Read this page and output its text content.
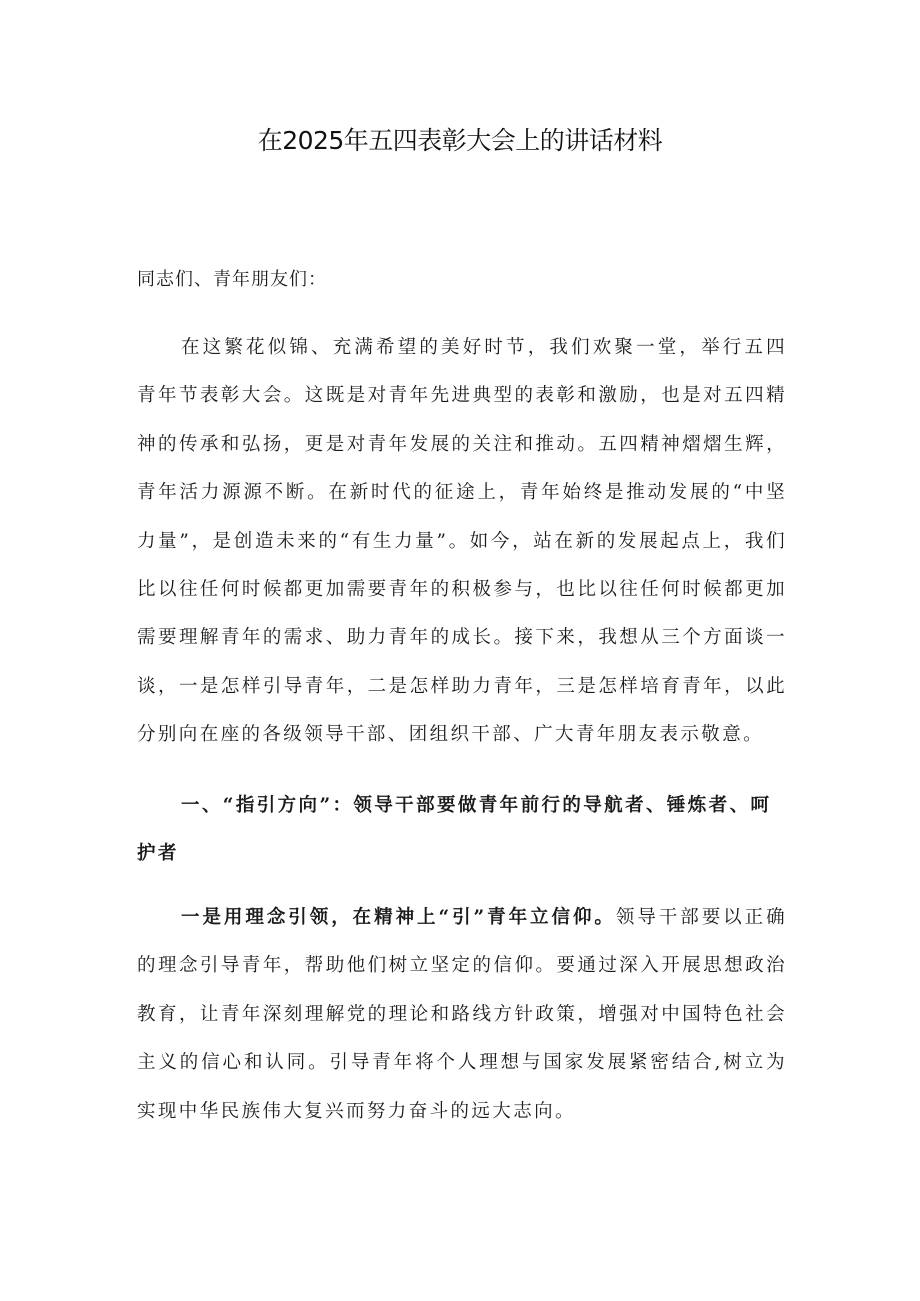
在2025年五四表彰大会上的讲话材料
同志们、青年朋友们：

在这繁花似锦、充满希望的美好时节，我们欢聚一堂，举行五四青年节表彰大会。这既是对青年先进典型的表彰和激励，也是对五四精神的传承和弘扬，更是对青年发展的关注和推动。五四精神熠熠生辉，青年活力源源不断。在新时代的征途上，青年始终是推动发展的“中坚力量”，是创造未来的“有生力量”。如今，站在新的发展起点上，我们比以往任何时候都更加需要青年的积极参与，也比以往任何时候都更加需要理解青年的需求、助力青年的成长。接下来，我想从三个方面谈一谈，一是怎样引导青年，二是怎样助力青年，三是怎样培育青年，以此分别向在座的各级领导干部、团组织干部、广大青年朋友表示敬意。

一、“指引方向”：领导干部要做青年前行的导航者、锤炼者、呵护者

一是用理念引领，在精神上“引”青年立信仰。领导干部要以正确的理念引导青年，帮助他们树立坚定的信仰。要通过深入开展思想政治教育，让青年深刻理解党的理论和路线方针政策，增强对中国特色社会主义的信心和认同。引导青年将个人理想与国家发展紧密结合,树立为实现中华民族伟大复兴而努力奋斗的远大志向。
